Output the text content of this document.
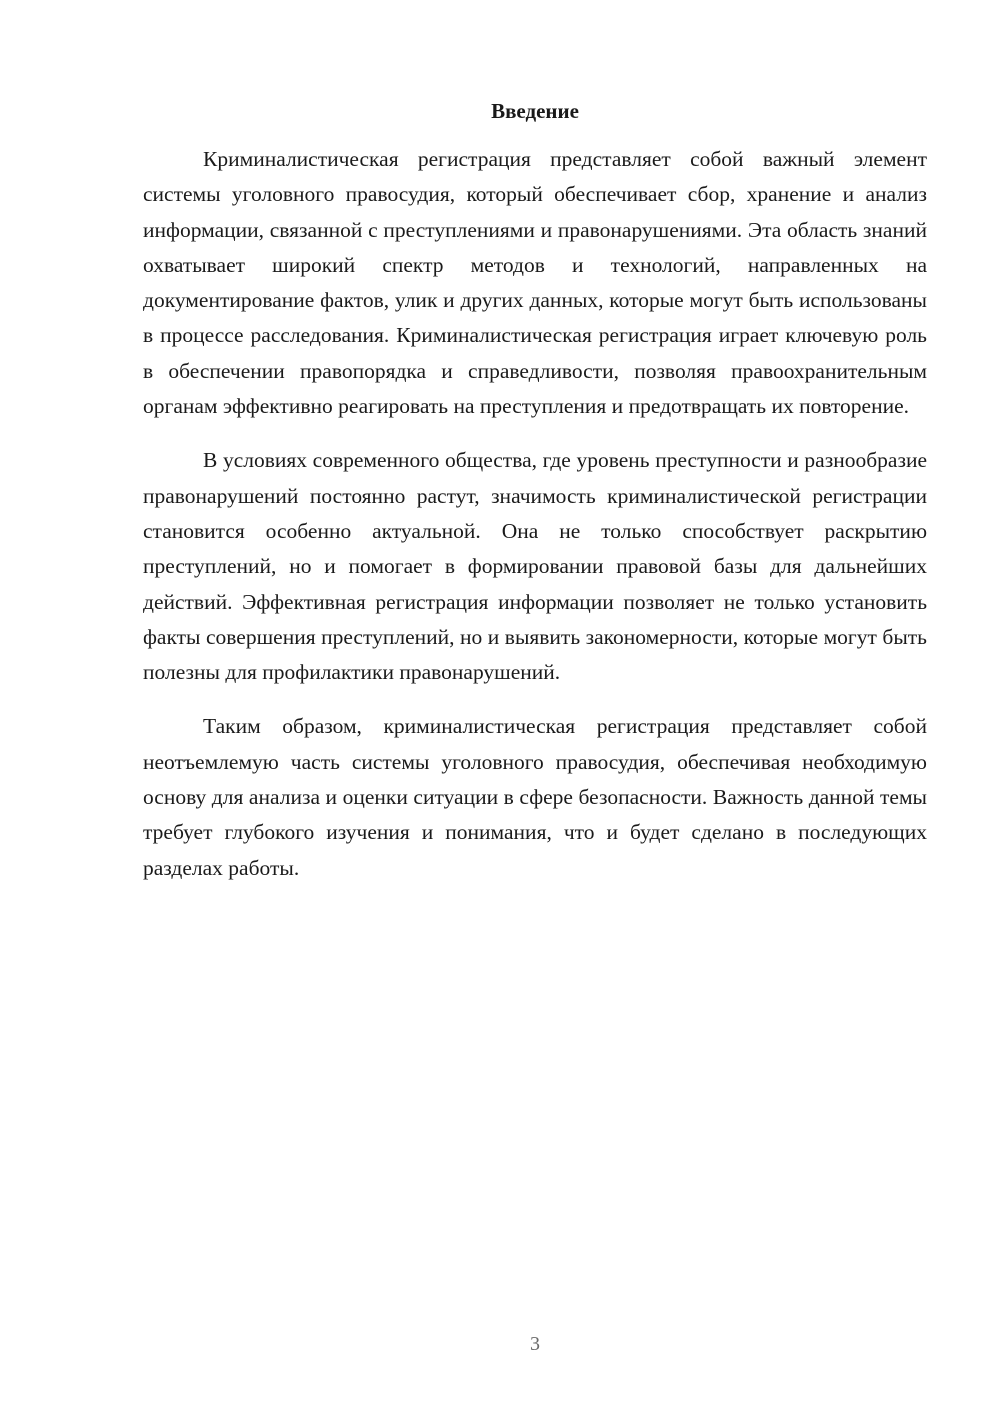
Введение

Криминалистическая регистрация представляет собой важный элемент системы уголовного правосудия, который обеспечивает сбор, хранение и анализ информации, связанной с преступлениями и правонарушениями. Эта область знаний охватывает широкий спектр методов и технологий, направленных на документирование фактов, улик и других данных, которые могут быть использованы в процессе расследования. Криминалистическая регистрация играет ключевую роль в обеспечении правопорядка и справедливости, позволяя правоохранительным органам эффективно реагировать на преступления и предотвращать их повторение.

В условиях современного общества, где уровень преступности и разнообразие правонарушений постоянно растут, значимость криминалистической регистрации становится особенно актуальной. Она не только способствует раскрытию преступлений, но и помогает в формировании правовой базы для дальнейших действий. Эффективная регистрация информации позволяет не только установить факты совершения преступлений, но и выявить закономерности, которые могут быть полезны для профилактики правонарушений.

Таким образом, криминалистическая регистрация представляет собой неотъемлемую часть системы уголовного правосудия, обеспечивая необходимую основу для анализа и оценки ситуации в сфере безопасности. Важность данной темы требует глубокого изучения и понимания, что и будет сделано в последующих разделах работы.

3
